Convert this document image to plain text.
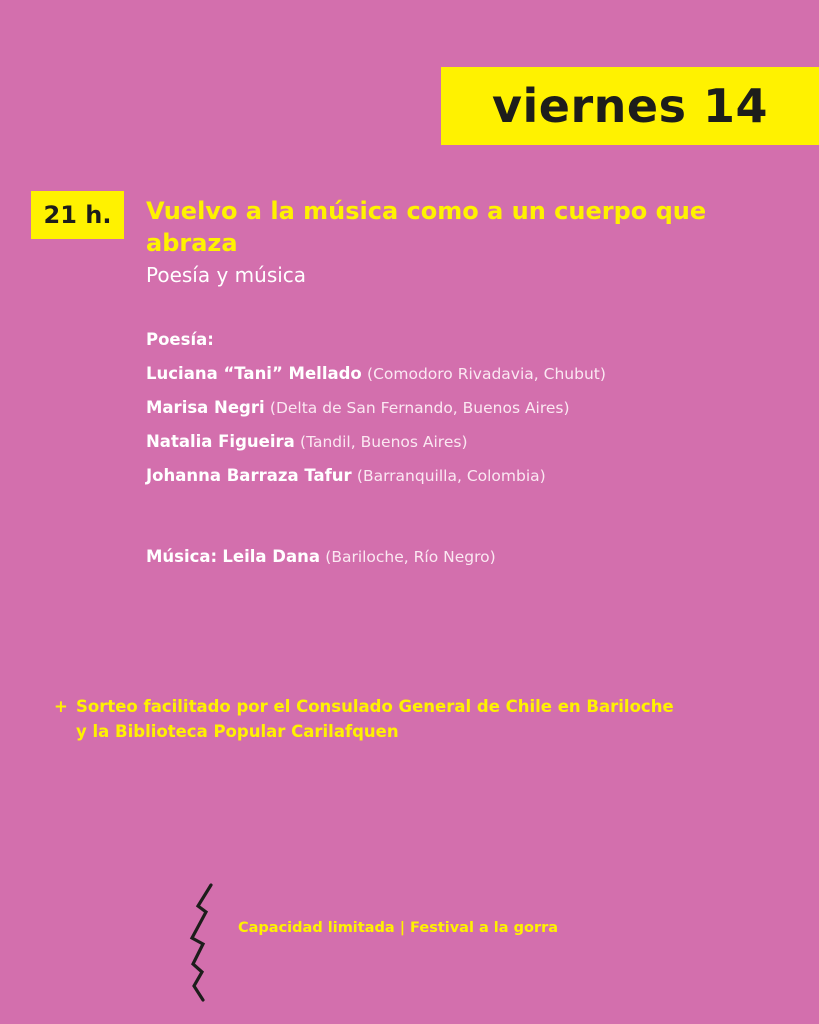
viernes 14
21 h. Vuelvo a la música como a un cuerpo que abraza

Poesía y música

Poesía:
Luciana “Tani” Mellado (Comodoro Rivadavia, Chubut)
Marisa Negri (Delta de San Fernando, Buenos Aires)
Natalia Figueira (Tandil, Buenos Aires)
Johanna Barraza Tafur (Barranquilla, Colombia)
Música: Leila Dana (Bariloche, Río Negro)
+ Sorteo facilitado por el Consulado General de Chile en Bariloche
y la Biblioteca Popular Carilafquen
Capacidad limitada | Festival a la gorra
